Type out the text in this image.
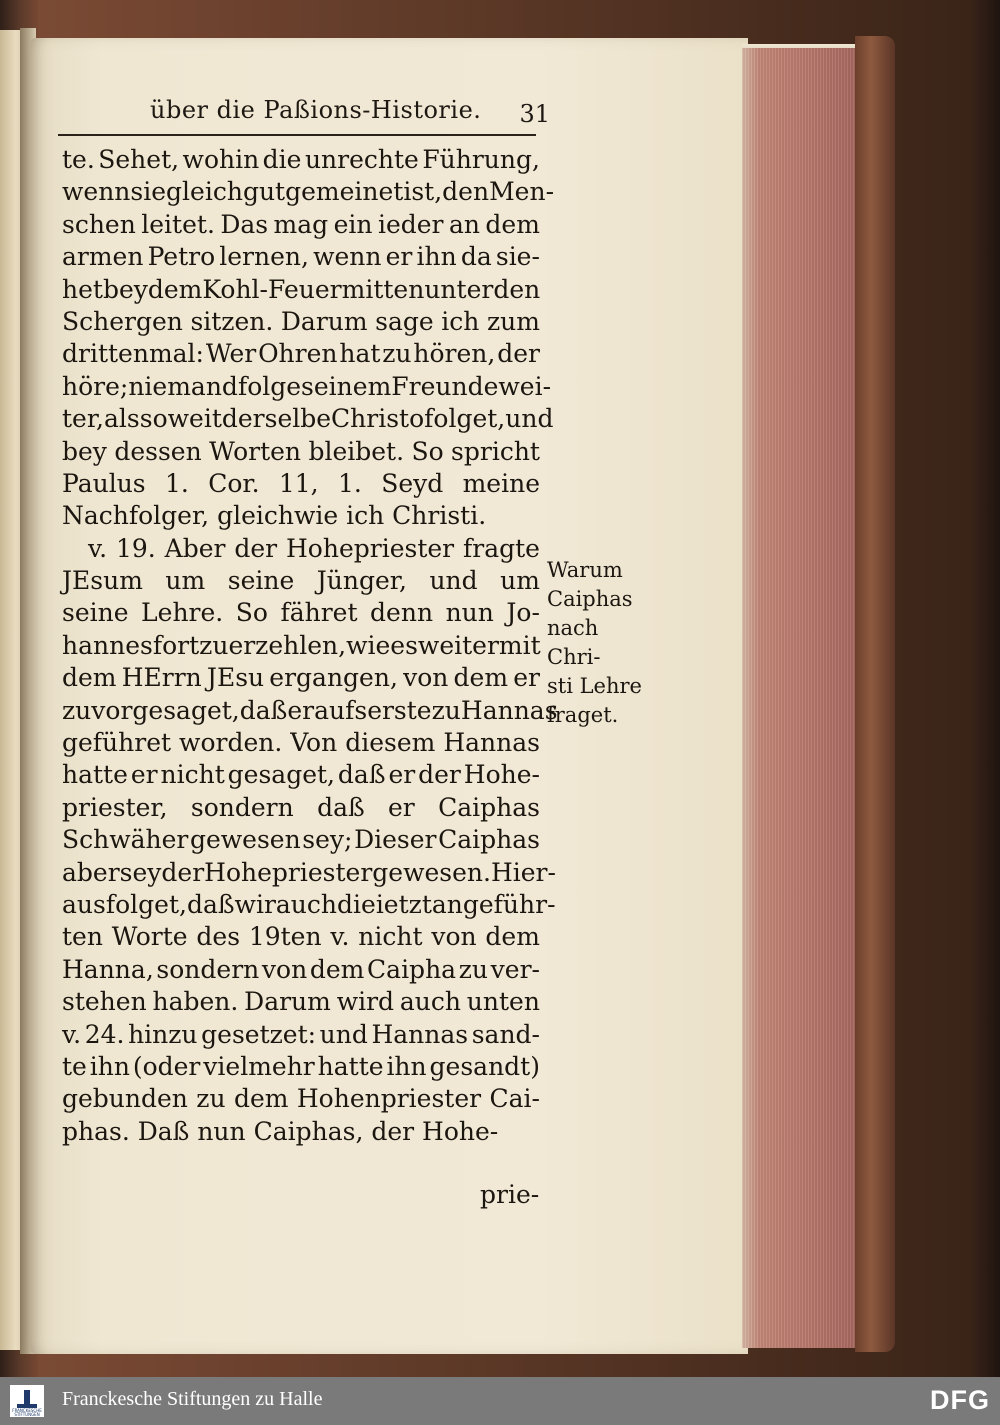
über die Paßions-Historie. 31
te. Sehet, wohin die unrechte Führung,
wenn sie gleich gut gemeinet ist, den Men-
schen leitet. Das mag ein ieder an dem
armen Petro lernen, wenn er ihn da sie-
het bey dem Kohl-Feuer mitten unter den
Schergen sitzen. Darum sage ich zum
drittenmal: Wer Ohren hat zu hören, der
höre; niemand folge seinem Freunde wei-
ter, als so weit derselbe Christo folget, und
bey dessen Worten bleibet. So spricht
Paulus 1. Cor. 11, 1. Seyd meine
Nachfolger, gleichwie ich Christi.
v. 19. Aber der Hohepriester fragte
JEsum um seine Jünger, und um
seine Lehre. So fähret denn nun Jo-
hannes fort zu erzehlen, wie es weiter mit
dem HErrn JEsu ergangen, von dem er
zuvor gesaget, daß er aufs erste zu Hannas
geführet worden. Von diesem Hannas
hatte er nicht gesaget, daß er der Hohe-
priester, sondern daß er Caiphas
Schwäher gewesen sey; Dieser Caiphas
aber sey der Hohepriester gewesen. Hier-
aus folget, daß wir auch die ietzt angeführ-
ten Worte des 19ten v. nicht von dem
Hanna, sondern von dem Caipha zu ver-
stehen haben. Darum wird auch unten
v. 24. hinzu gesetzet: und Hannas sand-
te ihn (oder vielmehr hatte ihn gesandt)
gebunden zu dem Hohenpriester Cai-
phas. Daß nun Caiphas, der Hohe-
Warum
Caiphas
nach Chri-
sti Lehre
fraget.
prie-
FRANCKESCHE STIFTUNGEN
Franckesche Stiftungen zu Halle	DFG
